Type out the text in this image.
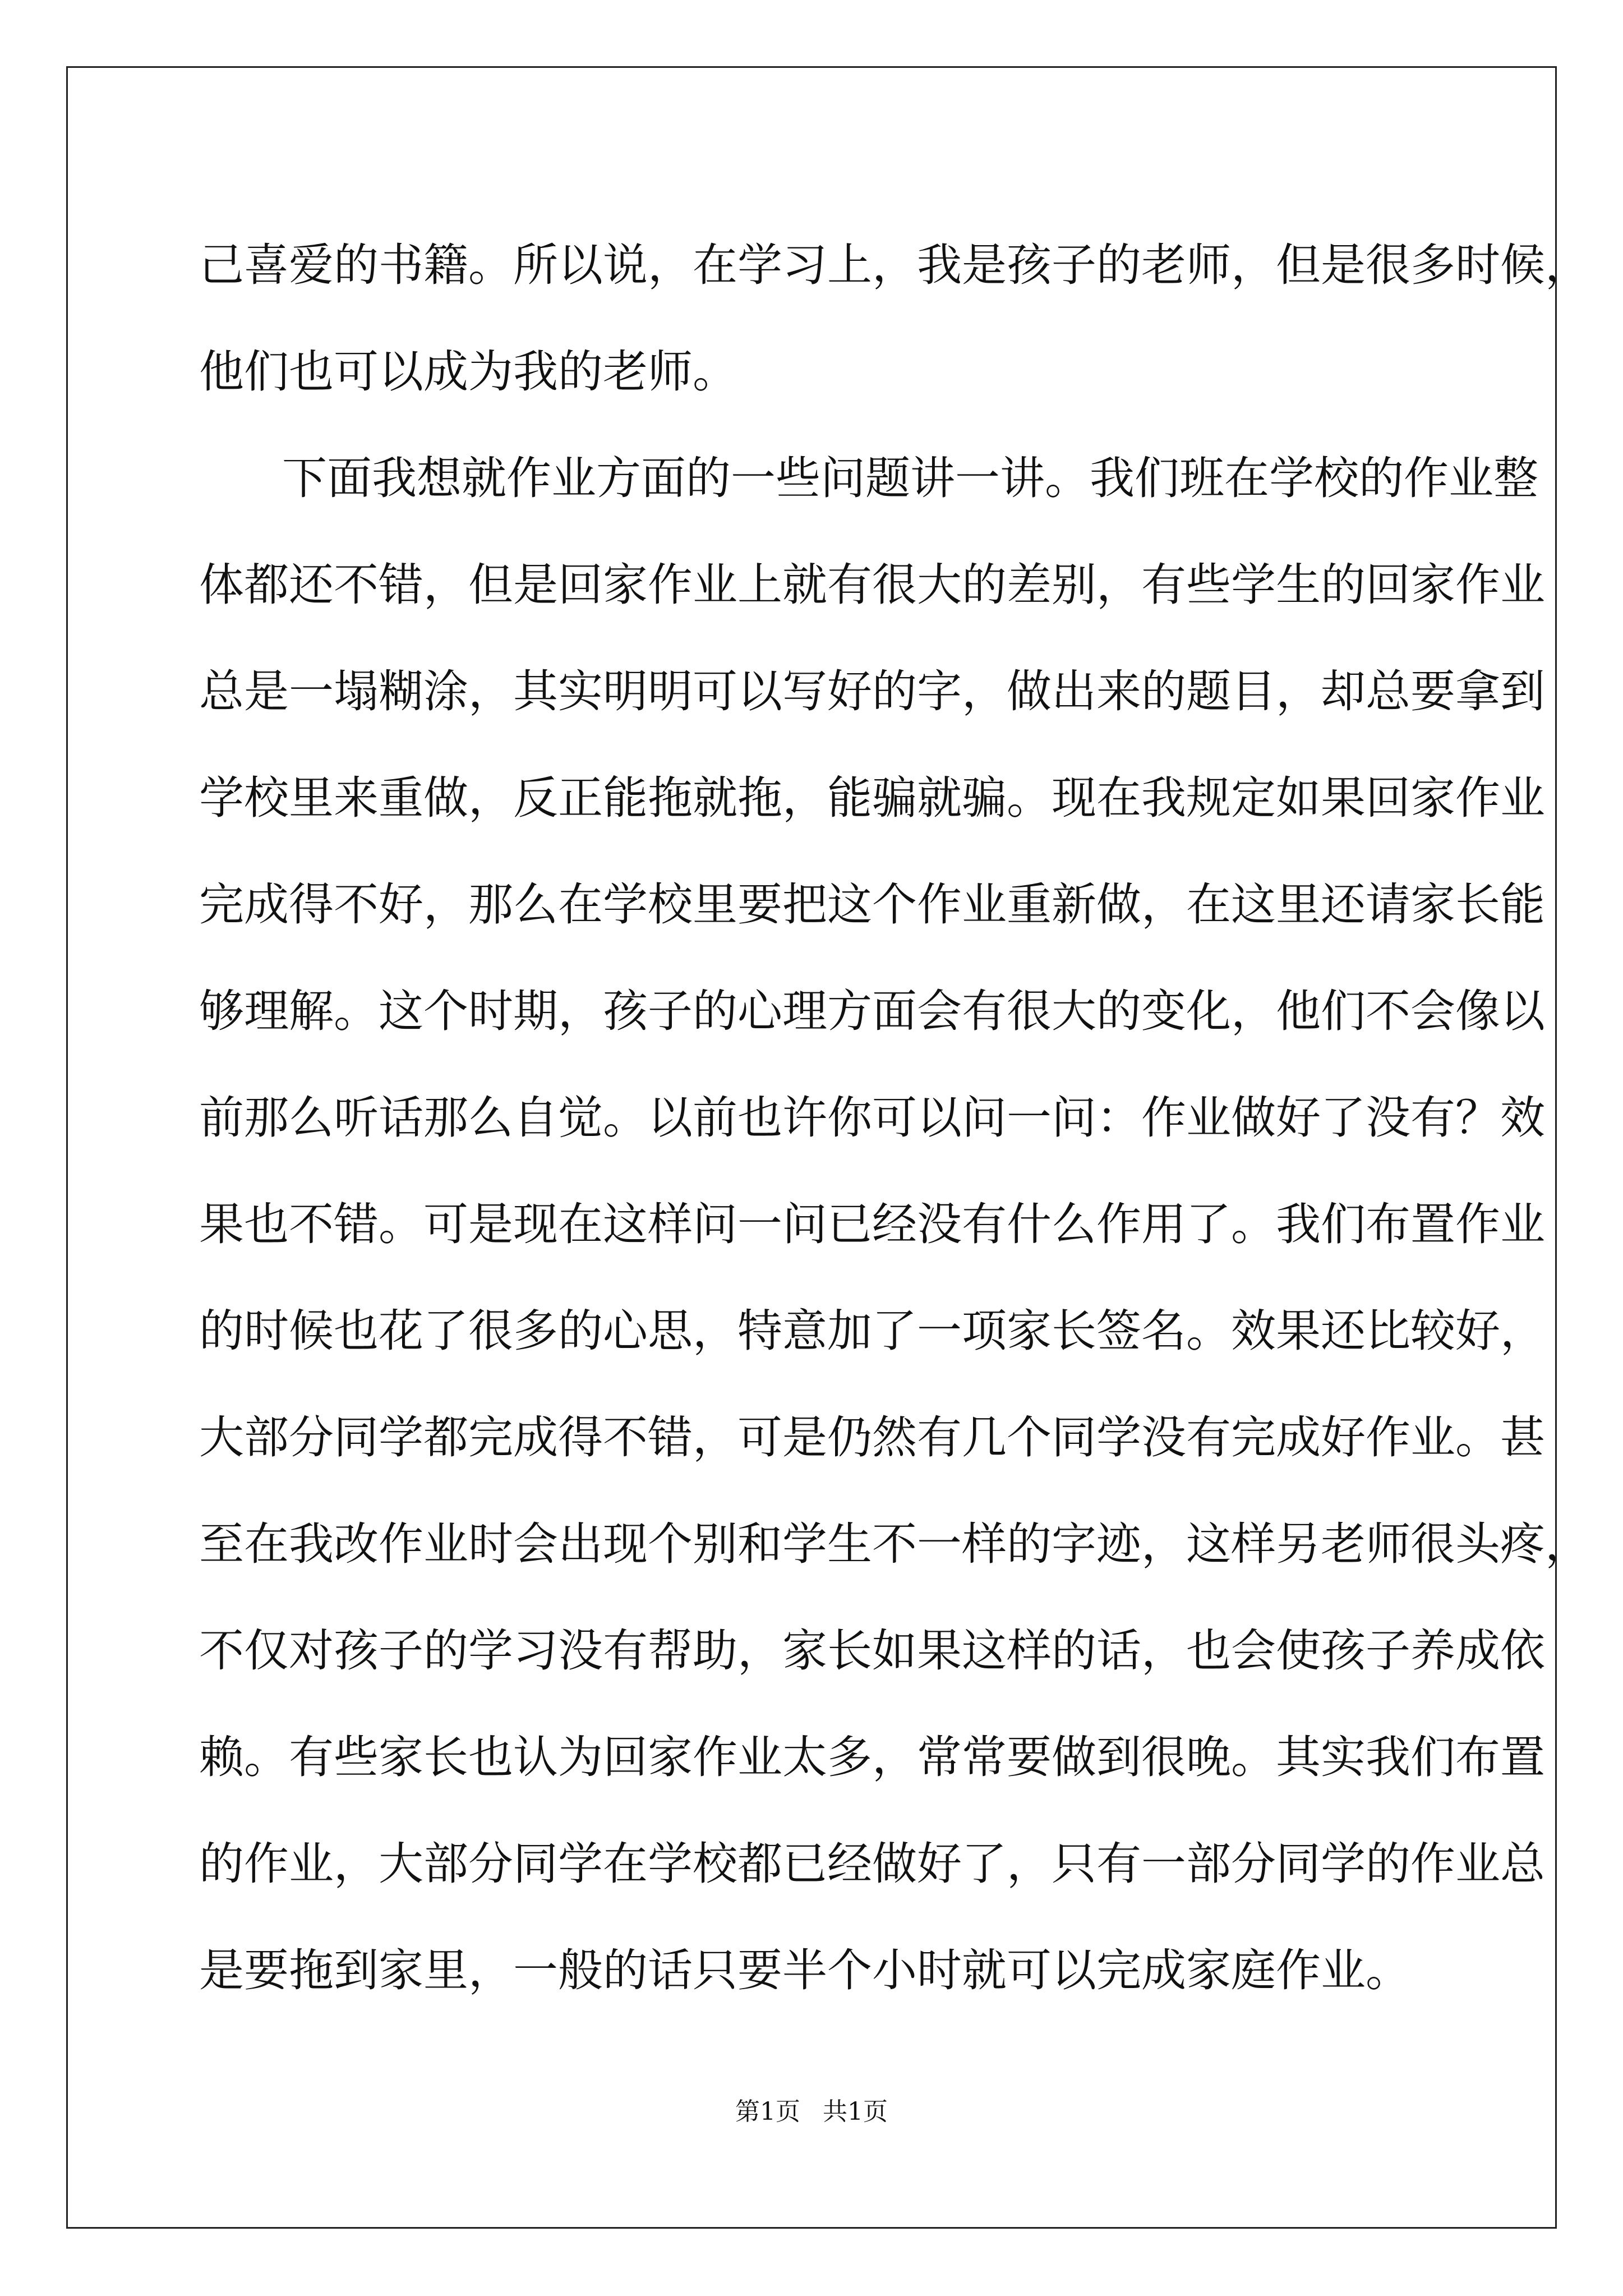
己喜爱的书籍。所以说，在学习上，我是孩子的老师，但是很多时候，

他们也可以成为我的老师。

下面我想就作业方面的一些问题讲一讲。我们班在学校的作业整

体都还不错，但是回家作业上就有很大的差别，有些学生的回家作业

总是一塌糊涂，其实明明可以写好的字，做出来的题目，却总要拿到

学校里来重做，反正能拖就拖，能骗就骗。现在我规定如果回家作业

完成得不好，那么在学校里要把这个作业重新做，在这里还请家长能

够理解。这个时期，孩子的心理方面会有很大的变化，他们不会像以

前那么听话那么自觉。以前也许你可以问一问：作业做好了没有？效

果也不错。可是现在这样问一问已经没有什么作用了。我们布置作业

的时候也花了很多的心思，特意加了一项家长签名。效果还比较好，

大部分同学都完成得不错，可是仍然有几个同学没有完成好作业。甚

至在我改作业时会出现个别和学生不一样的字迹，这样另老师很头疼，

不仅对孩子的学习没有帮助，家长如果这样的话，也会使孩子养成依

赖。有些家长也认为回家作业太多，常常要做到很晚。其实我们布置

的作业，大部分同学在学校都已经做好了，只有一部分同学的作业总

是要拖到家里，一般的话只要半个小时就可以完成家庭作业。

第1页 共1页
